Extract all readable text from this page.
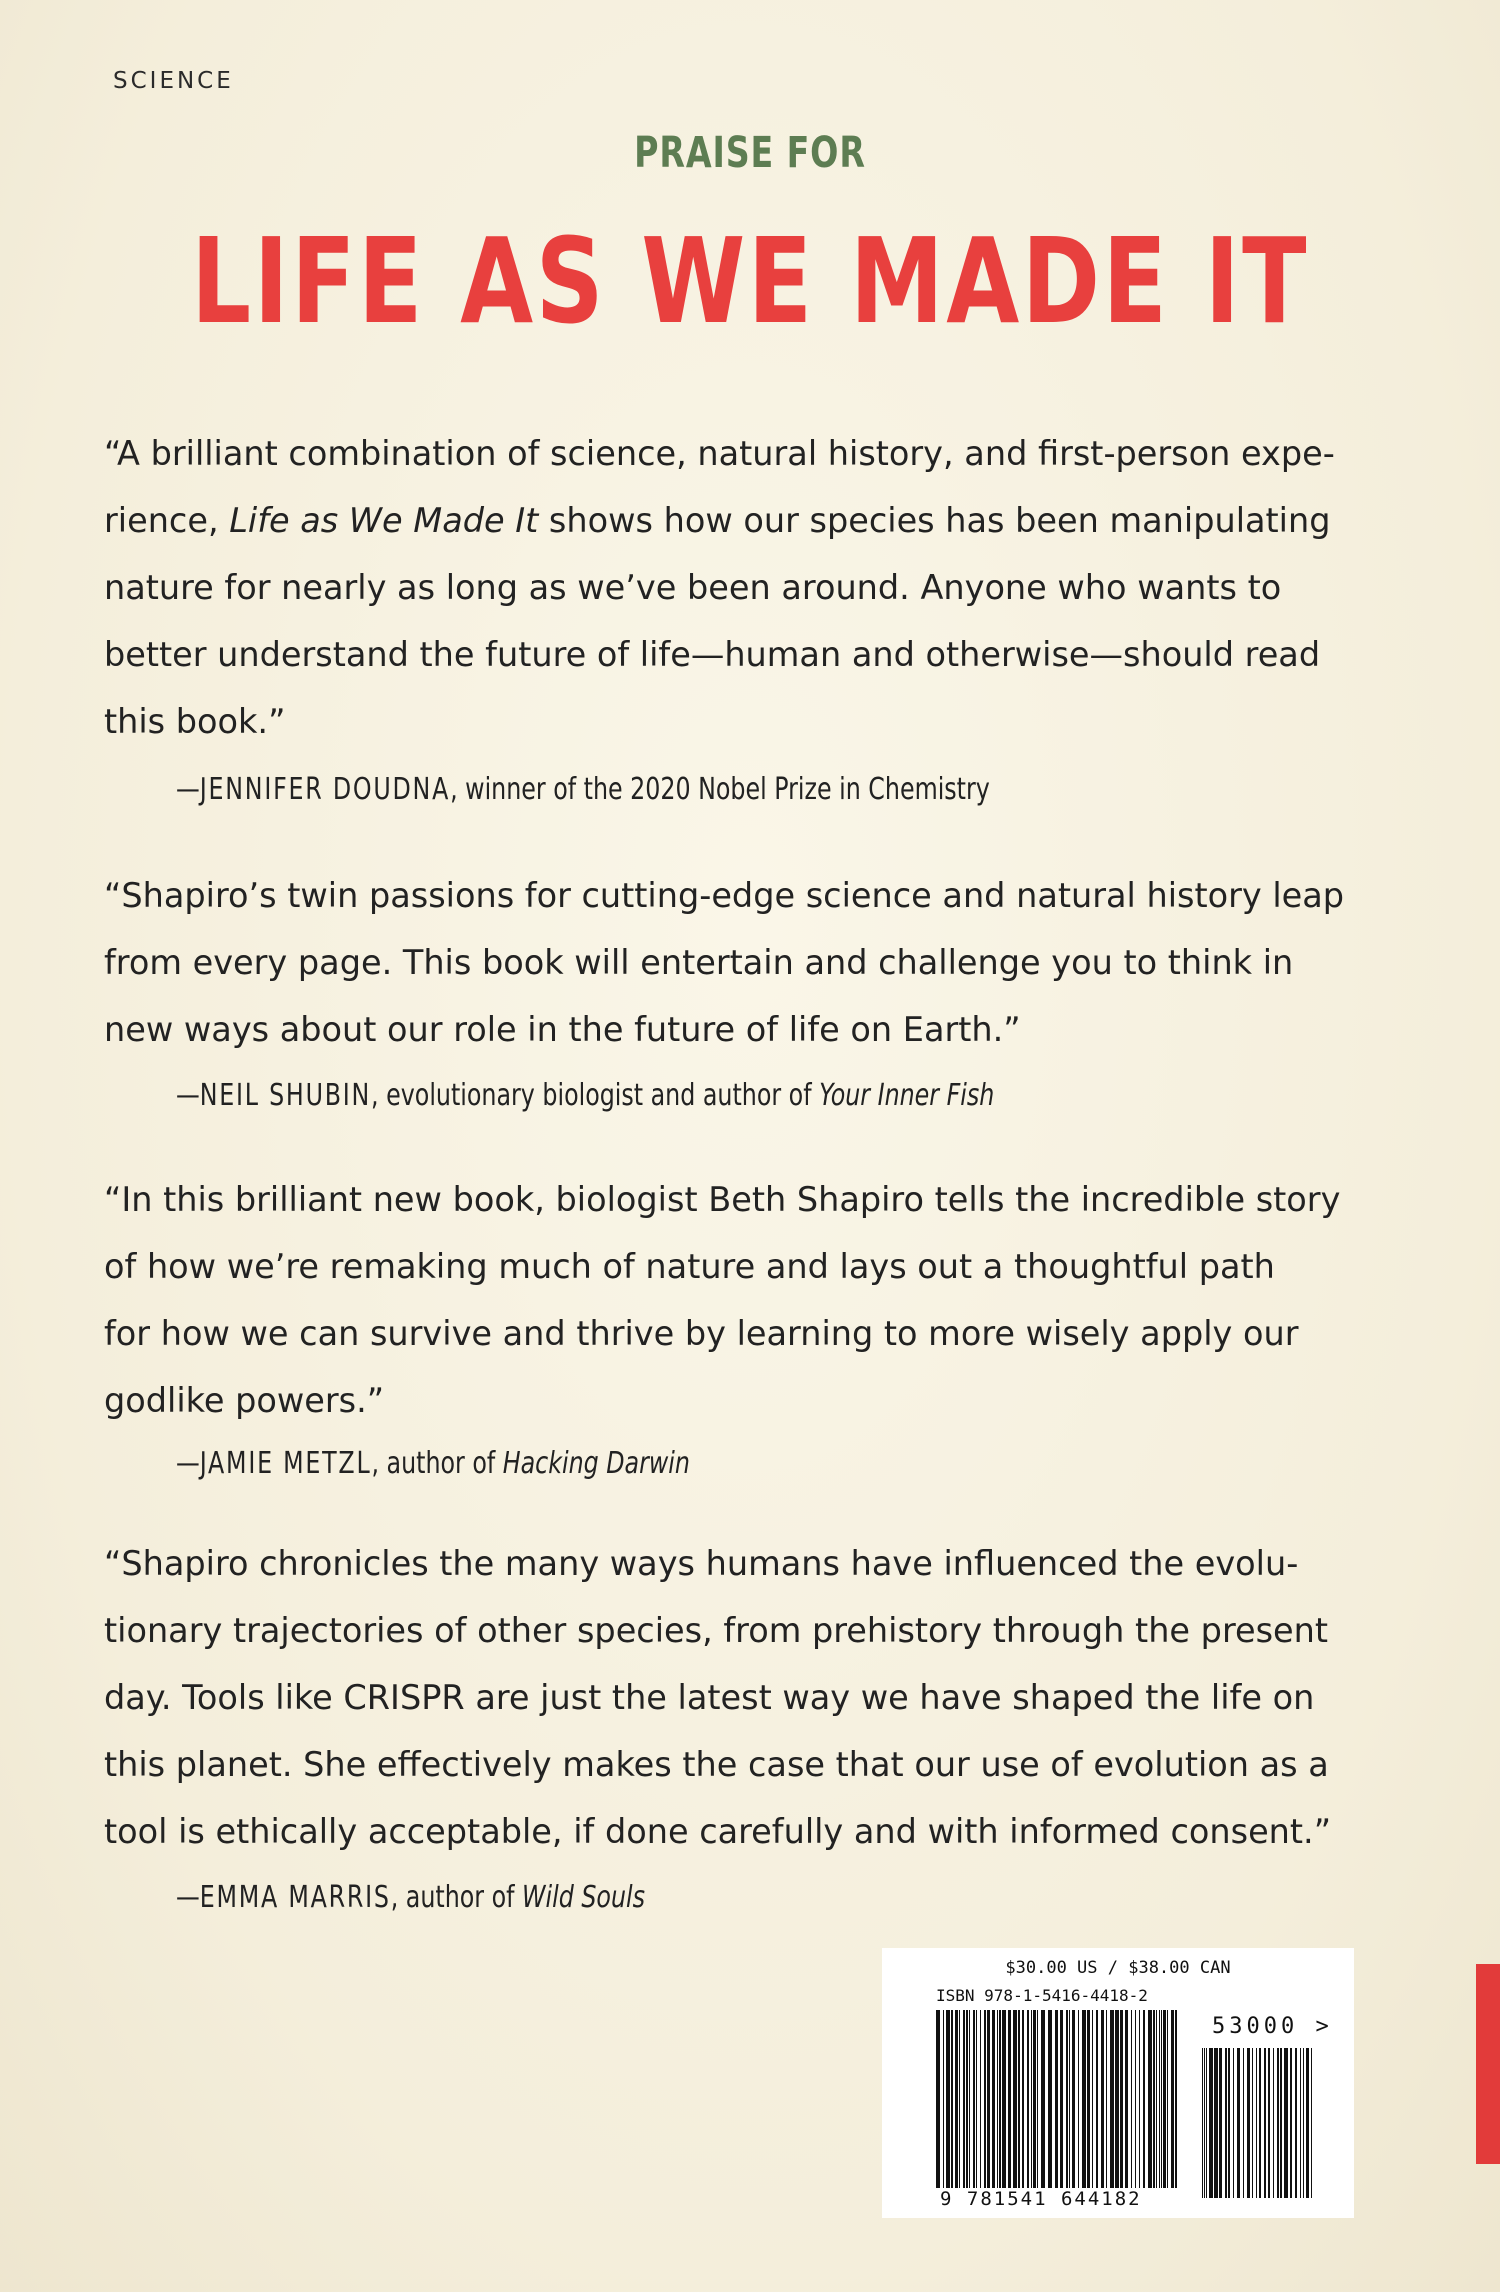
SCIENCE
PRAISE FOR
LIFE AS WE MADE IT
“A brilliant combination of science, natural history, and first-person expe-
rience, Life as We Made It shows how our species has been manipulating
nature for nearly as long as we’ve been around. Anyone who wants to
better understand the future of life—human and otherwise—should read
this book.”
—JENNIFER DOUDNA, winner of the 2020 Nobel Prize in Chemistry
“Shapiro’s twin passions for cutting-edge science and natural history leap
from every page. This book will entertain and challenge you to think in
new ways about our role in the future of life on Earth.”
—NEIL SHUBIN, evolutionary biologist and author of Your Inner Fish
“In this brilliant new book, biologist Beth Shapiro tells the incredible story
of how we’re remaking much of nature and lays out a thoughtful path
for how we can survive and thrive by learning to more wisely apply our
godlike powers.”
—JAMIE METZL, author of Hacking Darwin
“Shapiro chronicles the many ways humans have influenced the evolu-
tionary trajectories of other species, from prehistory through the present
day. Tools like CRISPR are just the latest way we have shaped the life on
this planet. She effectively makes the case that our use of evolution as a
tool is ethically acceptable, if done carefully and with informed consent.”
—EMMA MARRIS, author of Wild Souls
$30.00 US / $38.00 CAN
ISBN 978-1-5416-4418-2
53000 >
9 781541 644182
